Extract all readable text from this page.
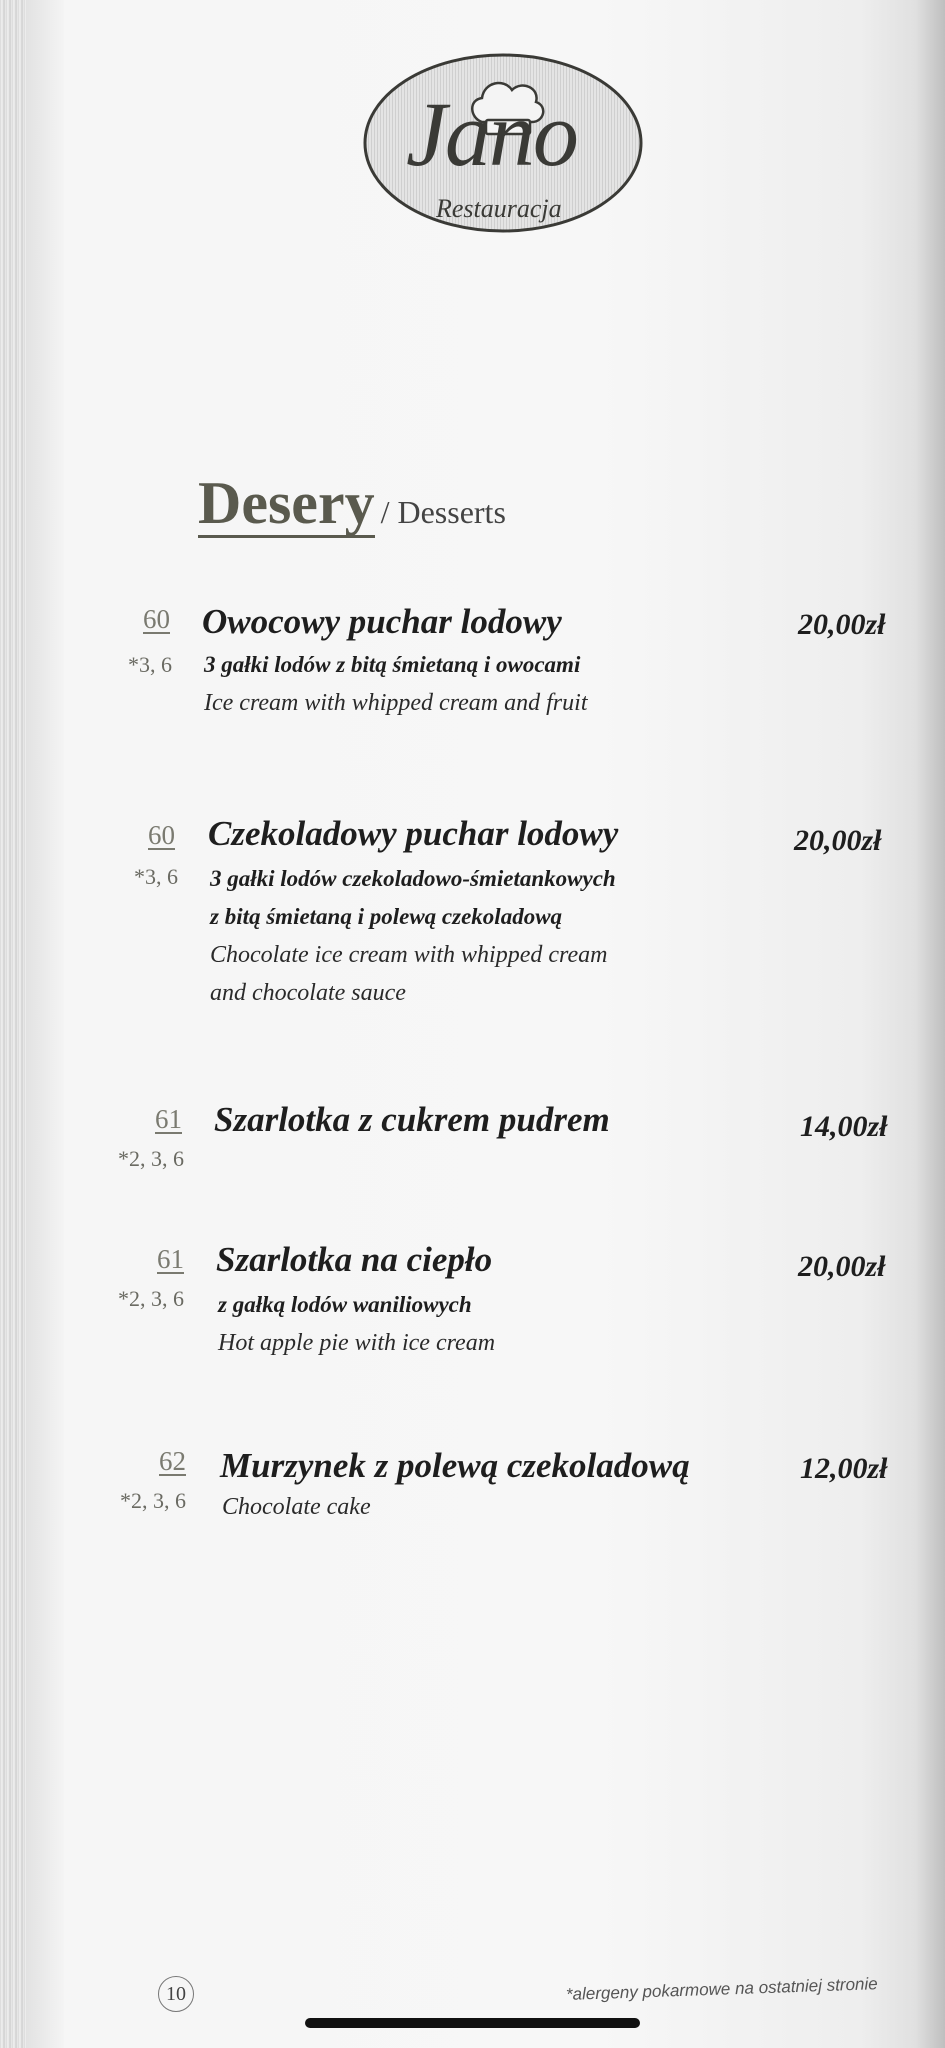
Jano
Restauracja
Desery / Desserts
60
*3, 6
Owocowy puchar lodowy	20,00zł
3 gałki lodów z bitą śmietaną i owocami
Ice cream with whipped cream and fruit
60
*3, 6
Czekoladowy puchar lodowy	20,00zł
3 gałki lodów czekoladowo-śmietankowych
z bitą śmietaną i polewą czekoladową
Chocolate ice cream with whipped cream
and chocolate sauce
61
*2, 3, 6
Szarlotka z cukrem pudrem	14,00zł
61
*2, 3, 6
Szarlotka na ciepło	20,00zł
z gałką lodów waniliowych
Hot apple pie with ice cream
62
*2, 3, 6
Murzynek z polewą czekoladową	12,00zł
Chocolate cake
10	*alergeny pokarmowe na ostatniej stronie
